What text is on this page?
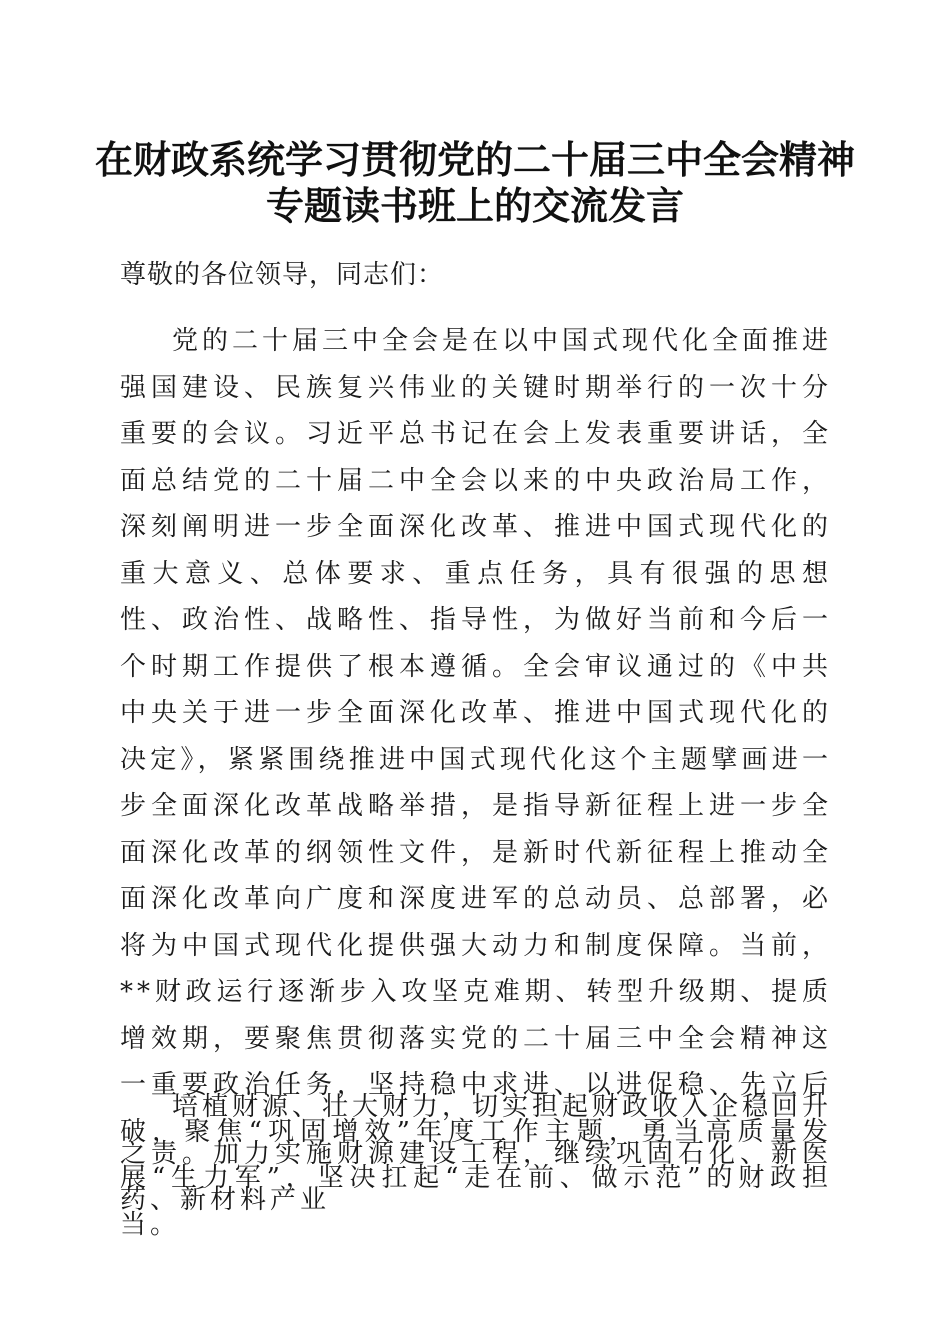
在财政系统学习贯彻党的二十届三中全会精神
专题读书班上的交流发言
尊敬的各位领导，同志们：
党的二十届三中全会是在以中国式现代化全面推进强国建设、民族复兴伟业的关键时期举行的一次十分重要的会议。习近平总书记在会上发表重要讲话，全面总结党的二十届二中全会以来的中央政治局工作，深刻阐明进一步全面深化改革、推进中国式现代化的重大意义、总体要求、重点任务，具有很强的思想性、政治性、战略性、指导性，为做好当前和今后一个时期工作提供了根本遵循。全会审议通过的《中共中央关于进一步全面深化改革、推进中国式现代化的决定》，紧紧围绕推进中国式现代化这个主题擘画进一步全面深化改革战略举措，是指导新征程上进一步全面深化改革的纲领性文件，是新时代新征程上推动全面深化改革向广度和深度进军的总动员、总部署，必将为中国式现代化提供强大动力和制度保障。当前，**财政运行逐渐步入攻坚克难期、转型升级期、提质增效期，要聚焦贯彻落实党的二十届三中全会精神这一重要政治任务，坚持稳中求进、以进促稳、先立后破，聚焦“巩固增效”年度工作主题，勇当高质量发展“生力军”，坚决扛起“走在前、做示范”的财政担当。
培植财源、壮大财力，切实担起财政收入企稳回升之责。加力实施财源建设工程，继续巩固石化、新医药、新材料产业
